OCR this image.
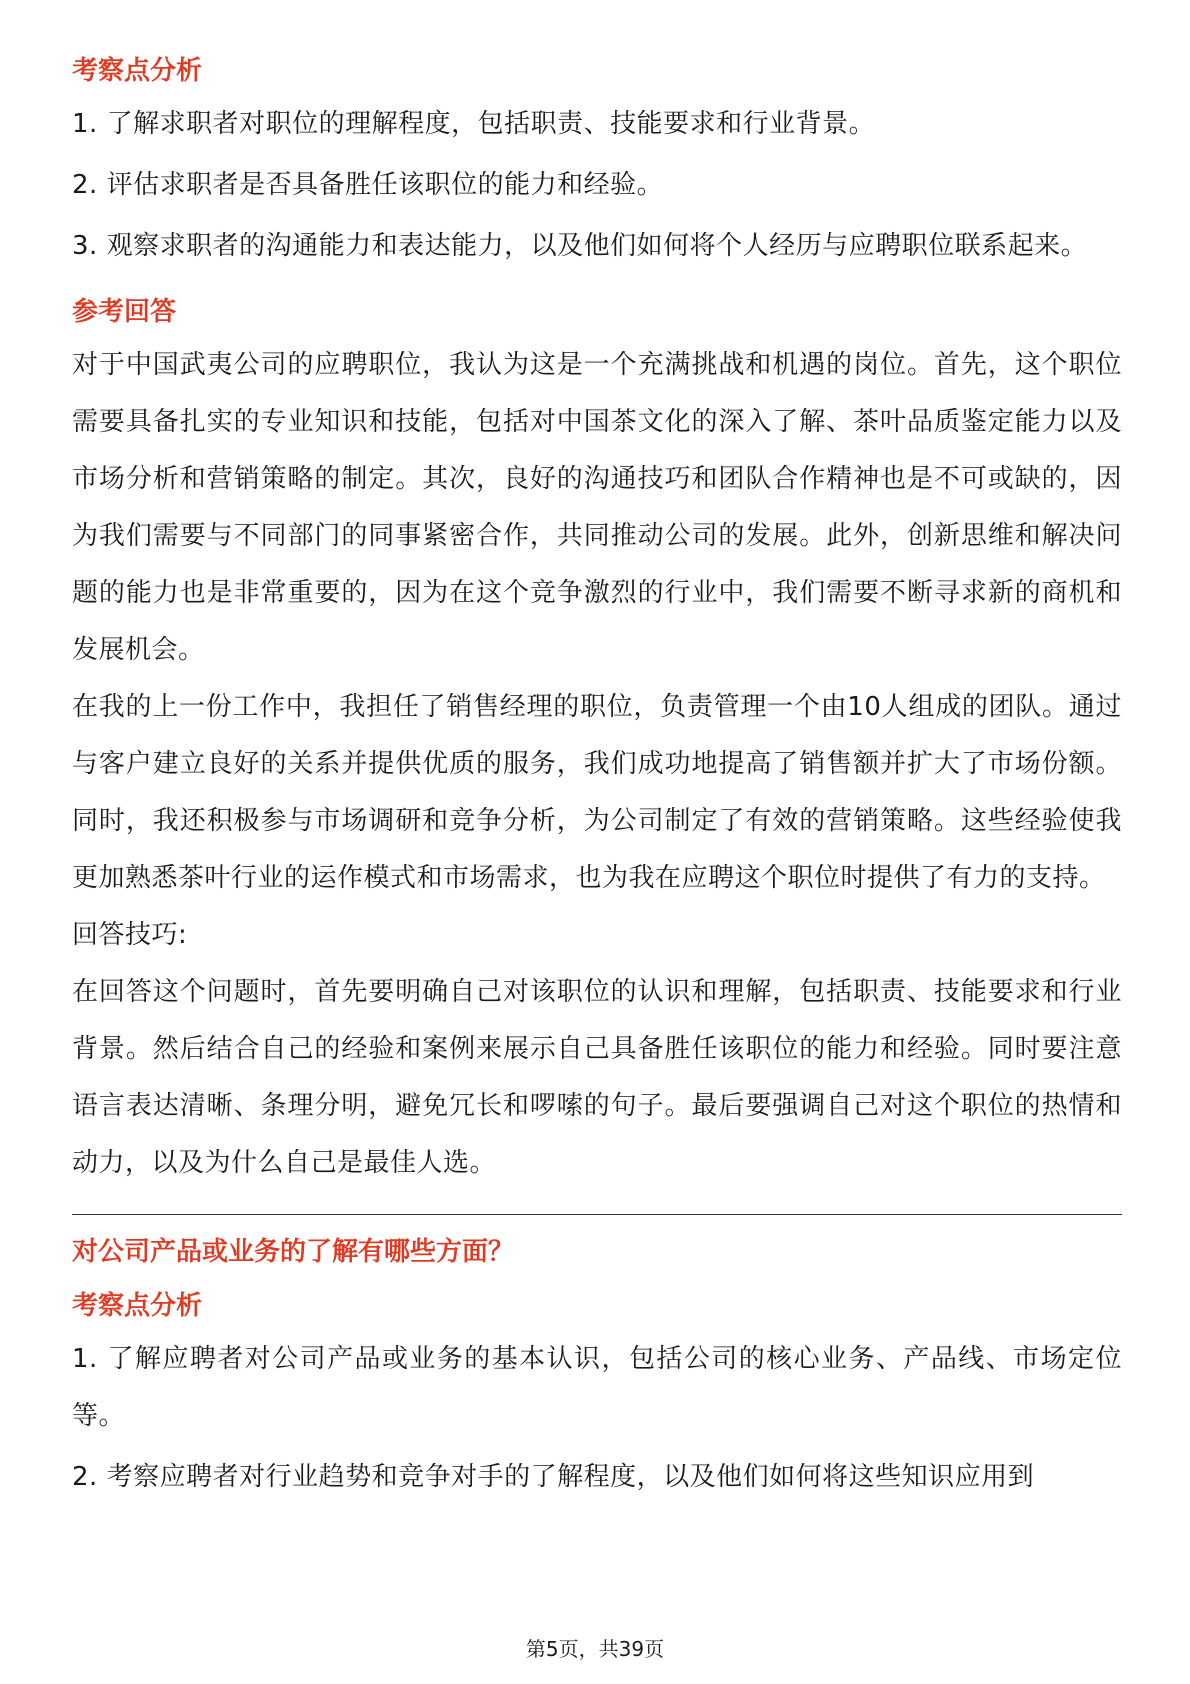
考察点分析

1. 了解求职者对职位的理解程度，包括职责、技能要求和行业背景。

2. 评估求职者是否具备胜任该职位的能力和经验。

3. 观察求职者的沟通能力和表达能力，以及他们如何将个人经历与应聘职位联系起来。

参考回答

对于中国武夷公司的应聘职位，我认为这是一个充满挑战和机遇的岗位。首先，这个职位需要具备扎实的专业知识和技能，包括对中国茶文化的深入了解、茶叶品质鉴定能力以及市场分析和营销策略的制定。其次，良好的沟通技巧和团队合作精神也是不可或缺的，因为我们需要与不同部门的同事紧密合作，共同推动公司的发展。此外，创新思维和解决问题的能力也是非常重要的，因为在这个竞争激烈的行业中，我们需要不断寻求新的商机和发展机会。

在我的上一份工作中，我担任了销售经理的职位，负责管理一个由10人组成的团队。通过与客户建立良好的关系并提供优质的服务，我们成功地提高了销售额并扩大了市场份额。同时，我还积极参与市场调研和竞争分析，为公司制定了有效的营销策略。这些经验使我更加熟悉茶叶行业的运作模式和市场需求，也为我在应聘这个职位时提供了有力的支持。

回答技巧:

在回答这个问题时，首先要明确自己对该职位的认识和理解，包括职责、技能要求和行业背景。然后结合自己的经验和案例来展示自己具备胜任该职位的能力和经验。同时要注意语言表达清晰、条理分明，避免冗长和啰嗦的句子。最后要强调自己对这个职位的热情和动力，以及为什么自己是最佳人选。

对公司产品或业务的了解有哪些方面？
考察点分析

1. 了解应聘者对公司产品或业务的基本认识，包括公司的核心业务、产品线、市场定位等。

2. 考察应聘者对行业趋势和竞争对手的了解程度，以及他们如何将这些知识应用到

第5页，共39页
